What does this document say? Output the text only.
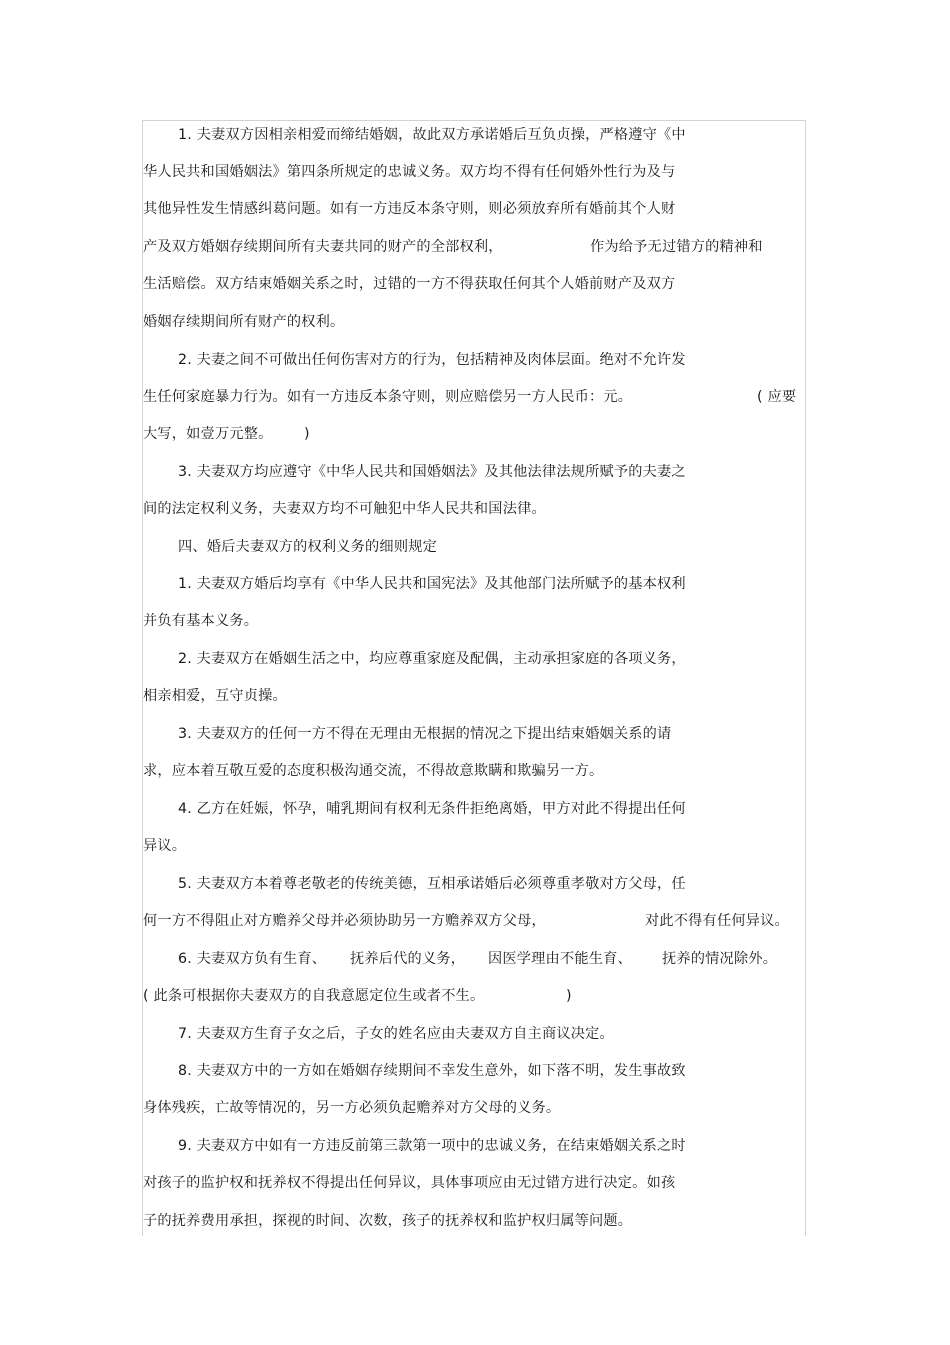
1. 夫妻双方因相亲相爱而缔结婚姻，故此双方承诺婚后互负贞操，严格遵守《中
华人民共和国婚姻法》第四条所规定的忠诚义务。双方均不得有任何婚外性行为及与
其他异性发生情感纠葛问题。如有一方违反本条守则，则必须放弃所有婚前其个人财
产及双方婚姻存续期间所有夫妻共同的财产的全部权利，	作为给予无过错方的精神和
生活赔偿。双方结束婚姻关系之时，过错的一方不得获取任何其个人婚前财产及双方
婚姻存续期间所有财产的权利。
2. 夫妻之间不可做出任何伤害对方的行为，包括精神及肉体层面。绝对不允许发
生任何家庭暴力行为。如有一方违反本条守则，则应赔偿另一方人民币：元。	( 应要
大写，如壹万元整。 )
3. 夫妻双方均应遵守《中华人民共和国婚姻法》及其他法律法规所赋予的夫妻之
间的法定权利义务，夫妻双方均不可触犯中华人民共和国法律。
四、婚后夫妻双方的权利义务的细则规定
1. 夫妻双方婚后均享有《中华人民共和国宪法》及其他部门法所赋予的基本权利
并负有基本义务。
2. 夫妻双方在婚姻生活之中，均应尊重家庭及配偶，主动承担家庭的各项义务，
相亲相爱，互守贞操。
3. 夫妻双方的任何一方不得在无理由无根据的情况之下提出结束婚姻关系的请
求，应本着互敬互爱的态度积极沟通交流，不得故意欺瞒和欺骗另一方。
4. 乙方在妊娠，怀孕，哺乳期间有权利无条件拒绝离婚，甲方对此不得提出任何
异议。
5. 夫妻双方本着尊老敬老的传统美德，互相承诺婚后必须尊重孝敬对方父母，任
何一方不得阻止对方赡养父母并必须协助另一方赡养双方父母，	对此不得有任何异议。
6. 夫妻双方负有生育、 抚养后代的义务， 因医学理由不能生育、 抚养的情况除外。
( 此条可根据你夫妻双方的自我意愿定位生或者不生。	)
7. 夫妻双方生育子女之后，子女的姓名应由夫妻双方自主商议决定。
8. 夫妻双方中的一方如在婚姻存续期间不幸发生意外，如下落不明，发生事故致
身体残疾，亡故等情况的，另一方必须负起赡养对方父母的义务。
9. 夫妻双方中如有一方违反前第三款第一项中的忠诚义务，在结束婚姻关系之时
对孩子的监护权和抚养权不得提出任何异议，具体事项应由无过错方进行决定。如孩
子的抚养费用承担，探视的时间、次数，孩子的抚养权和监护权归属等问题。
